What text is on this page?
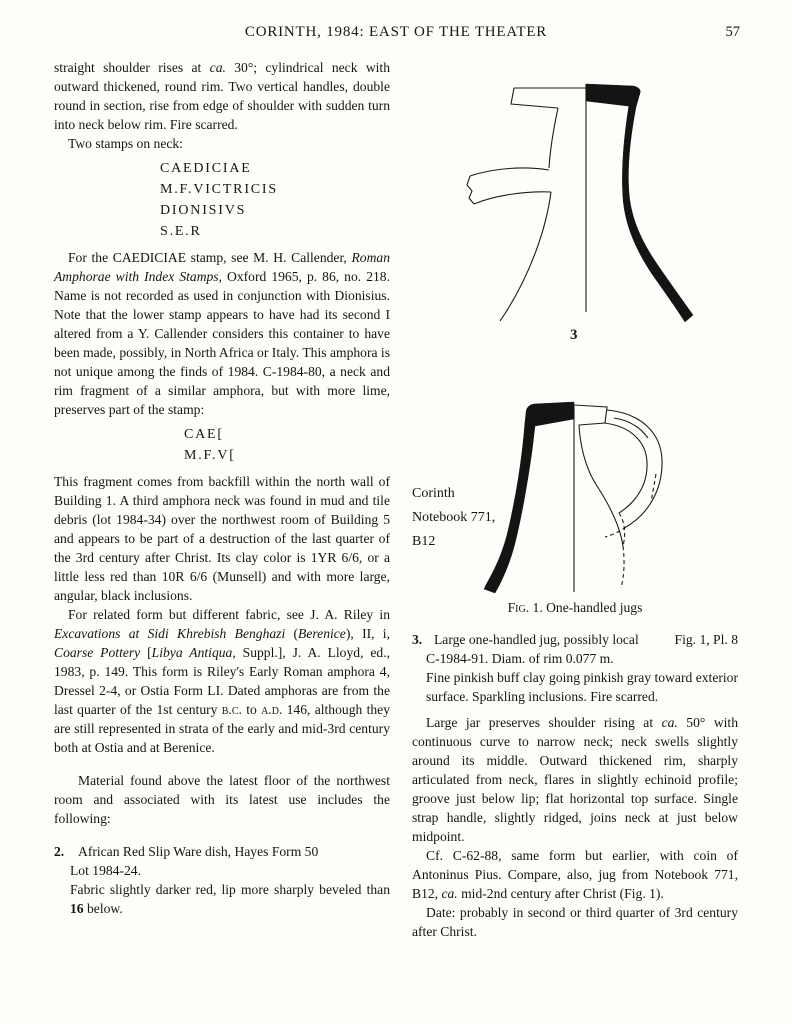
CORINTH, 1984: EAST OF THE THEATER	57

straight shoulder rises at ca. 30°; cylindrical neck with outward thickened, round rim. Two vertical handles, double round in section, rise from edge of shoulder with sudden turn into neck below rim. Fire scarred.

Two stamps on neck:

CAEDICIAE
M.F.VICTRICIS
DIONISIVS
S.E.R

For the CAEDICIAE stamp, see M. H. Callender, Roman Amphorae with Index Stamps, Oxford 1965, p. 86, no. 218. Name is not recorded as used in conjunction with Dionisius. Note that the lower stamp appears to have had its second I altered from a Y. Callender considers this container to have been made, possibly, in North Africa or Italy. This amphora is not unique among the finds of 1984. C-1984-80, a neck and rim fragment of a similar amphora, but with more lime, preserves part of the stamp:

CAE[
M.F.V[

This fragment comes from backfill within the north wall of Building 1. A third amphora neck was found in mud and tile debris (lot 1984-34) over the northwest room of Building 5 and appears to be part of a destruction of the last quarter of the 3rd century after Christ. Its clay color is 1YR 6/6, or a little less red than 10R 6/6 (Munsell) and with more large, angular, black inclusions.

For related form but different fabric, see J. A. Riley in Excavations at Sidi Khrebish Benghazi (Berenice), II, i, Coarse Pottery [Libya Antiqua, Suppl.], J. A. Lloyd, ed., 1983, p. 149. This form is Riley's Early Roman amphora 4, Dressel 2-4, or Ostia Form LI. Dated amphoras are from the last quarter of the 1st century b.c. to a.d. 146, although they are still represented in strata of the early and mid-3rd century both at Ostia and at Berenice.

Material found above the latest floor of the northwest room and associated with its latest use includes the following:

2.	African Red Slip Ware dish, Hayes Form 50
Lot 1984-24.

Fabric slightly darker red, lip more sharply beveled than 16 below.

3
Corinth
Notebook 771,
B12
Fig. 1. One-handled jugs
3. Large one-handled jug, possibly local	Fig. 1, Pl. 8
C-1984-91. Diam. of rim 0.077 m.

Fine pinkish buff clay going pinkish gray toward exterior surface. Sparkling inclusions. Fire scarred.

Large jar preserves shoulder rising at ca. 50° with continuous curve to narrow neck; neck swells slightly around its middle. Outward thickened rim, sharply articulated from neck, flares in slightly echinoid profile; groove just below lip; flat horizontal top surface. Single strap handle, slightly ridged, joins neck at just below midpoint.

Cf. C-62-88, same form but earlier, with coin of Antoninus Pius. Compare, also, jug from Notebook 771, B12, ca. mid-2nd century after Christ (Fig. 1).

Date: probably in second or third quarter of 3rd century after Christ.
